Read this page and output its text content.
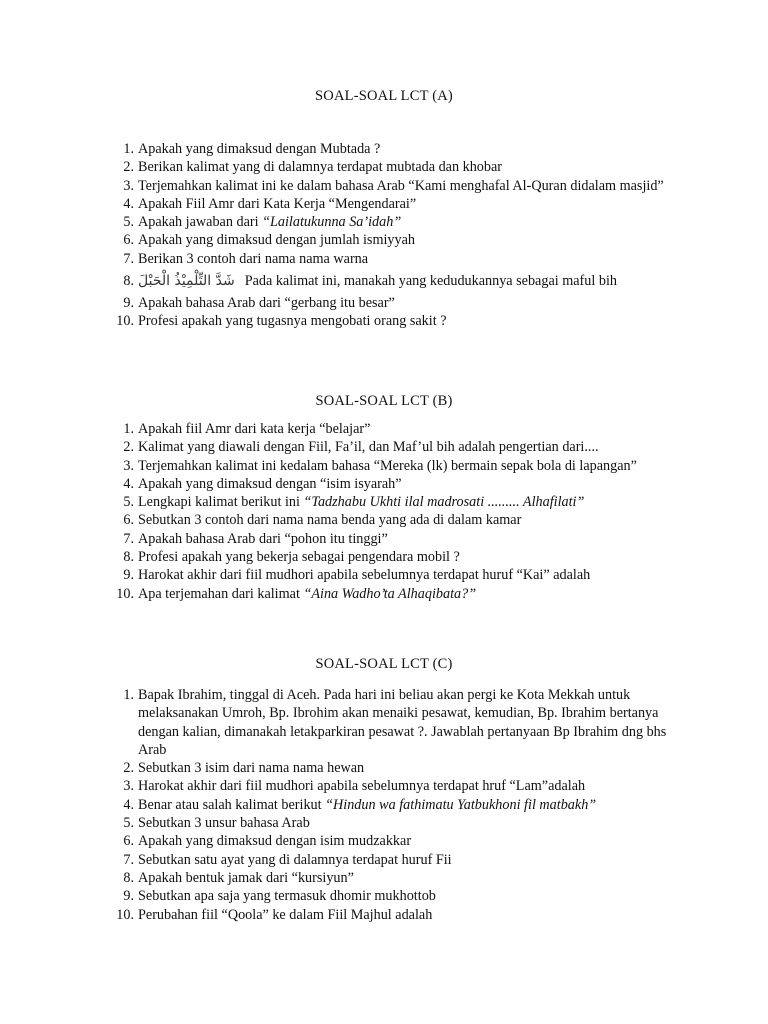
SOAL-SOAL LCT (A)
1. Apakah yang dimaksud dengan Mubtada ?
2. Berikan kalimat yang di dalamnya terdapat mubtada dan khobar
3. Terjemahkan kalimat ini ke dalam bahasa Arab “Kami menghafal Al-Quran didalam masjid”
4. Apakah Fiil Amr dari Kata Kerja “Mengendarai”
5. Apakah jawaban dari “Lailatukunna Sa’idah”
6. Apakah yang dimaksud dengan jumlah ismiyyah
7. Berikan 3 contoh dari nama nama warna
8. شَدَّ التِّلْمِيْذُ الْحَبْلَ Pada kalimat ini, manakah yang kedudukannya sebagai maful bih
9. Apakah bahasa Arab dari “gerbang itu besar”
10. Profesi apakah yang tugasnya mengobati orang sakit ?
SOAL-SOAL LCT (B)
1. Apakah fiil Amr dari kata kerja “belajar”
2. Kalimat yang diawali dengan Fiil, Fa’il, dan Maf’ul bih adalah pengertian dari....
3. Terjemahkan kalimat ini kedalam bahasa “Mereka (lk) bermain sepak bola di lapangan”
4. Apakah yang dimaksud dengan “isim isyarah”
5. Lengkapi kalimat berikut ini “Tadzhabu Ukhti ilal madrosati ......... Alhafilati”
6. Sebutkan 3 contoh dari nama nama benda yang ada di dalam kamar
7. Apakah bahasa Arab dari “pohon itu tinggi”
8. Profesi apakah yang bekerja sebagai pengendara mobil ?
9. Harokat akhir dari fiil mudhori apabila sebelumnya terdapat huruf “Kai” adalah
10. Apa terjemahan dari kalimat “Aina Wadho’ta Alhaqibata?”
SOAL-SOAL LCT (C)
1. Bapak Ibrahim, tinggal di Aceh. Pada hari ini beliau akan pergi ke Kota Mekkah untuk melaksanakan Umroh, Bp. Ibrohim akan menaiki pesawat, kemudian, Bp. Ibrahim bertanya dengan kalian, dimanakah letakparkiran pesawat ?. Jawablah pertanyaan Bp Ibrahim dng bhs Arab
2. Sebutkan 3 isim dari nama nama hewan
3. Harokat akhir dari fiil mudhori apabila sebelumnya terdapat hruf “Lam”adalah
4. Benar atau salah kalimat berikut “Hindun wa fathimatu Yatbukhoni fil matbakh”
5. Sebutkan 3 unsur bahasa Arab
6. Apakah yang dimaksud dengan isim mudzakkar
7. Sebutkan satu ayat yang di dalamnya terdapat huruf Fii
8. Apakah bentuk jamak dari “kursiyun”
9. Sebutkan apa saja yang termasuk dhomir mukhottob
10. Perubahan fiil “Qoola” ke dalam Fiil Majhul adalah
